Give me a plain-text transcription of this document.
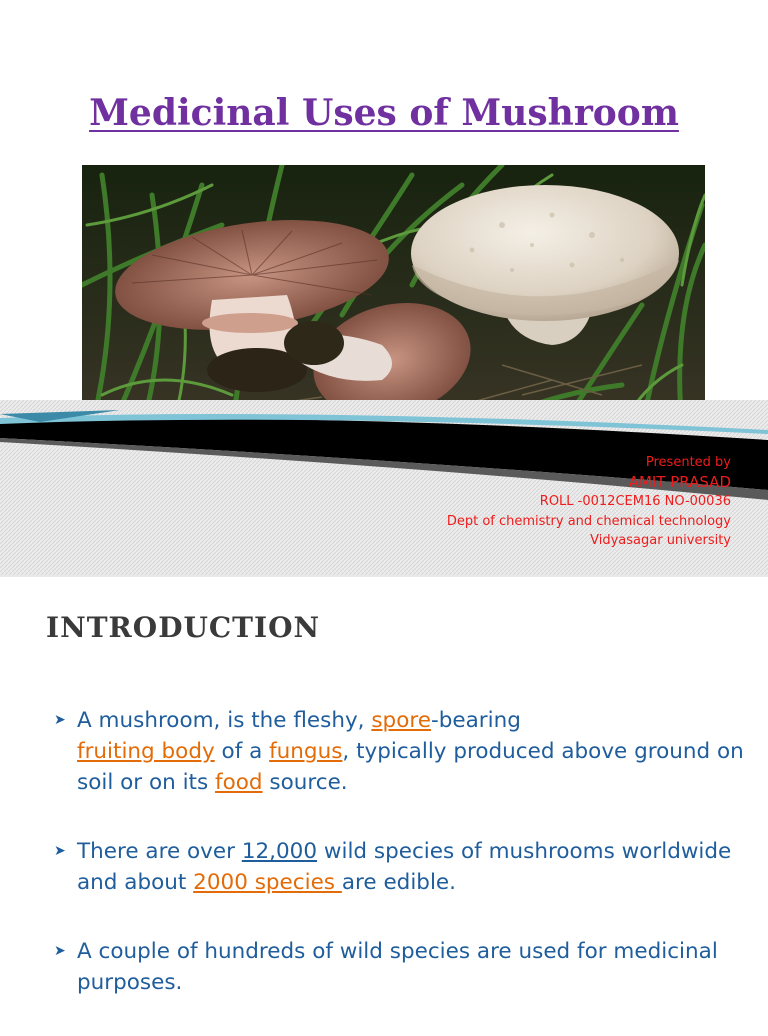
Medicinal Uses of Mushroom
Presented by
AMIT PRASAD
ROLL -0012CEM16 NO-00036
Dept of chemistry and chemical technology
Vidyasagar university
INTRODUCTION
➤ A mushroom, is the fleshy, spore-bearing
fruiting body of a fungus, typically produced above ground on soil or on its food source.
➤ There are over 12,000 wild species of mushrooms worldwide and about 2000 species are edible.
➤ A couple of hundreds of wild species are used for medicinal purposes.
